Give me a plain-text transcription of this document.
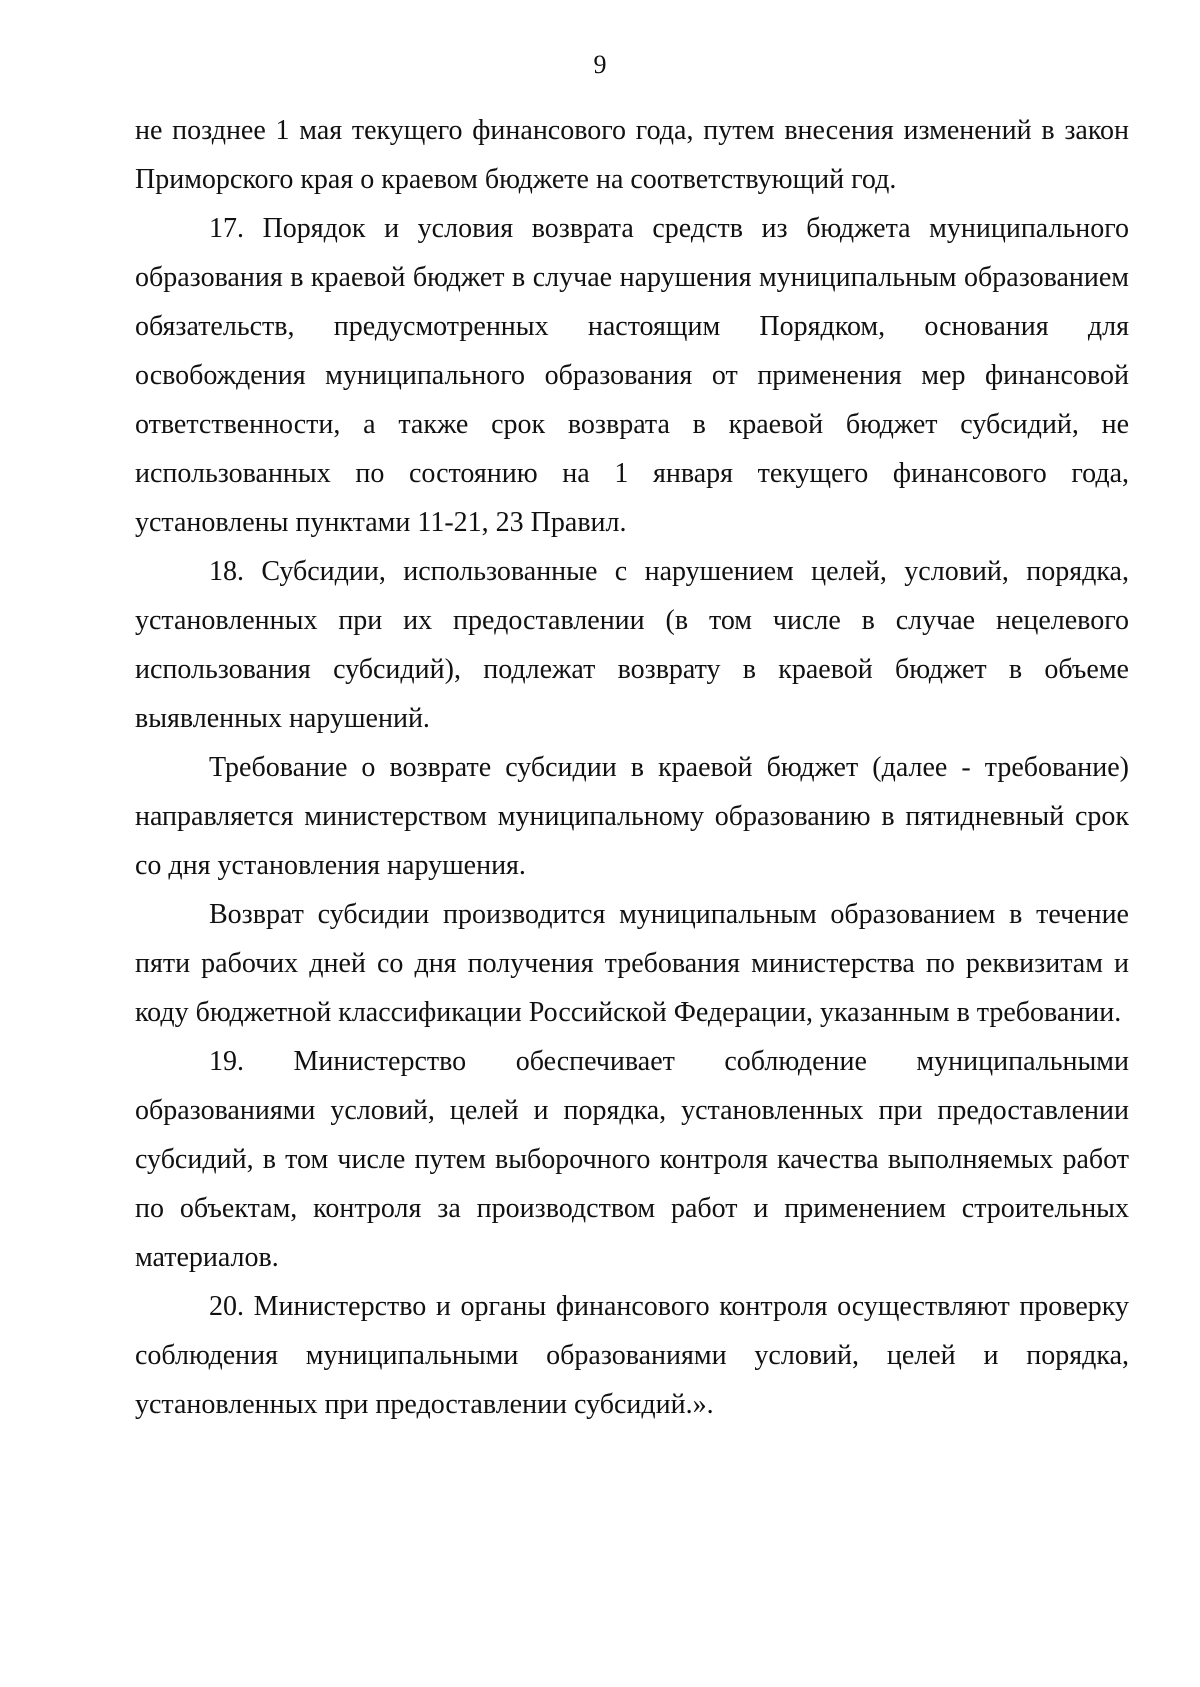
9

не позднее 1 мая текущего финансового года, путем внесения изменений в закон Приморского края о краевом бюджете на соответствующий год.

17. Порядок и условия возврата средств из бюджета муниципального образования в краевой бюджет в случае нарушения муниципальным образованием обязательств, предусмотренных настоящим Порядком, основания для освобождения муниципального образования от применения мер финансовой ответственности, а также срок возврата в краевой бюджет субсидий, не использованных по состоянию на 1 января текущего финансового года, установлены пунктами 11-21, 23 Правил.

18. Субсидии, использованные с нарушением целей, условий, порядка, установленных при их предоставлении (в том числе в случае нецелевого использования субсидий), подлежат возврату в краевой бюджет в объеме выявленных нарушений.

Требование о возврате субсидии в краевой бюджет (далее - требование) направляется министерством муниципальному образованию в пятидневный срок со дня установления нарушения.

Возврат субсидии производится муниципальным образованием в течение пяти рабочих дней со дня получения требования министерства по реквизитам и коду бюджетной классификации Российской Федерации, указанным в требовании.

19. Министерство обеспечивает соблюдение муниципальными образованиями условий, целей и порядка, установленных при предоставлении субсидий, в том числе путем выборочного контроля качества выполняемых работ по объектам, контроля за производством работ и применением строительных материалов.

20. Министерство и органы финансового контроля осуществляют проверку соблюдения муниципальными образованиями условий, целей и порядка, установленных при предоставлении субсидий.».
